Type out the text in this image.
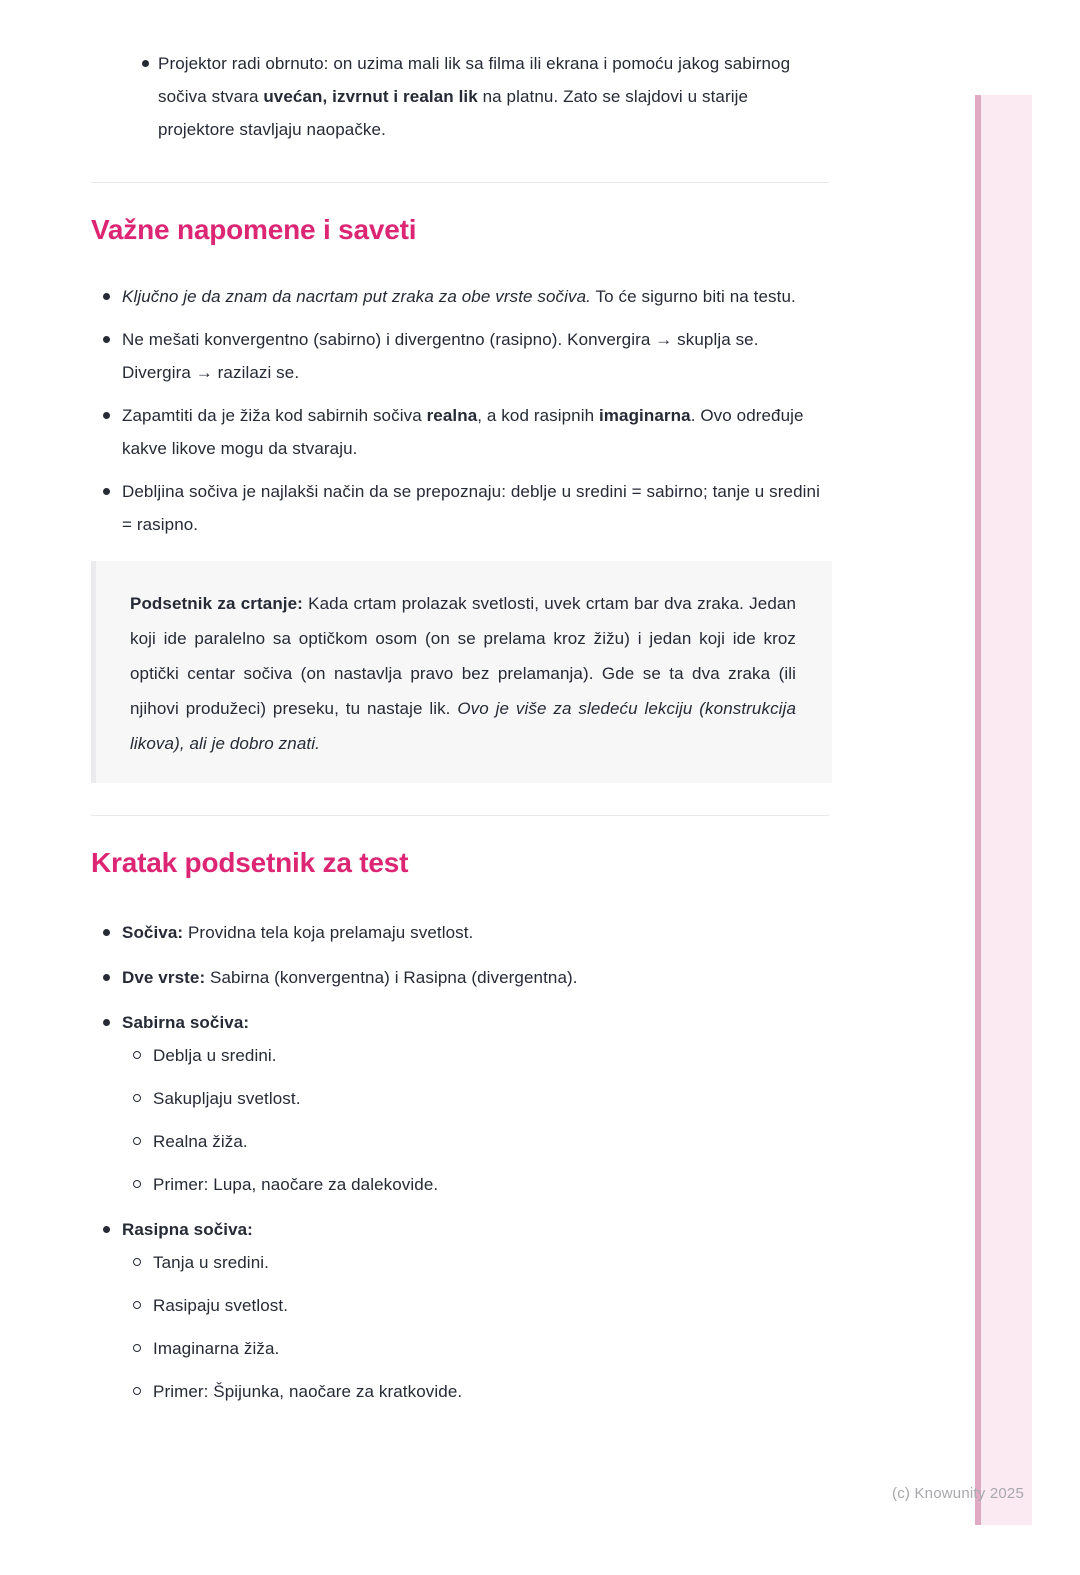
(c) Knowunity 2025
Projektor radi obrnuto: on uzima mali lik sa filma ili ekrana i pomoću jakog sabirnog sočiva stvara uvećan, izvrnut i realan lik na platnu. Zato se slajdovi u starije projektore stavljaju naopačke.
Važne napomene i saveti
Ključno je da znam da nacrtam put zraka za obe vrste sočiva. To će sigurno biti na testu.
Ne mešati konvergentno (sabirno) i divergentno (rasipno). Konvergira → skuplja se. Divergira → razilazi se.
Zapamtiti da je žiža kod sabirnih sočiva realna, a kod rasipnih imaginarna. Ovo određuje kakve likove mogu da stvaraju.
Debljina sočiva je najlakši način da se prepoznaju: deblje u sredini = sabirno; tanje u sredini = rasipno.

Podsetnik za crtanje: Kada crtam prolazak svetlosti, uvek crtam bar dva zraka. Jedan koji ide paralelno sa optičkom osom (on se prelama kroz žižu) i jedan koji ide kroz optički centar sočiva (on nastavlja pravo bez prelamanja). Gde se ta dva zraka (ili njihovi produžeci) preseku, tu nastaje lik. Ovo je više za sledeću lekciju (konstrukcija likova), ali je dobro znati.

Kratak podsetnik za test
Sočiva: Providna tela koja prelamaju svetlost.
Dve vrste: Sabirna (konvergentna) i Rasipna (divergentna).
Sabirna sočiva:
Deblja u sredini.
Sakupljaju svetlost.
Realna žiža.
Primer: Lupa, naočare za dalekovide.
Rasipna sočiva:
Tanja u sredini.
Rasipaju svetlost.
Imaginarna žiža.
Primer: Špijunka, naočare za kratkovide.
